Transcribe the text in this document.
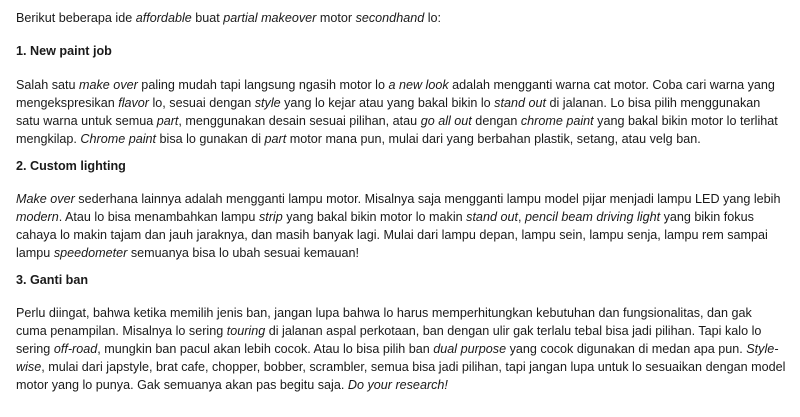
Berikut beberapa ide affordable buat partial makeover motor secondhand lo:

1. New paint job

Salah satu make over paling mudah tapi langsung ngasih motor lo a new look adalah mengganti warna cat motor. Coba cari warna yang mengekspresikan flavor lo, sesuai dengan style yang lo kejar atau yang bakal bikin lo stand out di jalanan. Lo bisa pilih menggunakan satu warna untuk semua part, menggunakan desain sesuai pilihan, atau go all out dengan chrome paint yang bakal bikin motor lo terlihat mengkilap. Chrome paint bisa lo gunakan di part motor mana pun, mulai dari yang berbahan plastik, setang, atau velg ban.

2. Custom lighting

Make over sederhana lainnya adalah mengganti lampu motor. Misalnya saja mengganti lampu model pijar menjadi lampu LED yang lebih modern. Atau lo bisa menambahkan lampu strip yang bakal bikin motor lo makin stand out, pencil beam driving light yang bikin fokus cahaya lo makin tajam dan jauh jaraknya, dan masih banyak lagi. Mulai dari lampu depan, lampu sein, lampu senja, lampu rem sampai lampu speedometer semuanya bisa lo ubah sesuai kemauan!

3. Ganti ban

Perlu diingat, bahwa ketika memilih jenis ban, jangan lupa bahwa lo harus memperhitungkan kebutuhan dan fungsionalitas, dan gak cuma penampilan. Misalnya lo sering touring di jalanan aspal perkotaan, ban dengan ulir gak terlalu tebal bisa jadi pilihan. Tapi kalo lo sering off-road, mungkin ban pacul akan lebih cocok. Atau lo bisa pilih ban dual purpose yang cocok digunakan di medan apa pun. Style-wise, mulai dari japstyle, brat cafe, chopper, bobber, scrambler, semua bisa jadi pilihan, tapi jangan lupa untuk lo sesuaikan dengan model motor yang lo punya. Gak semuanya akan pas begitu saja. Do your research!
